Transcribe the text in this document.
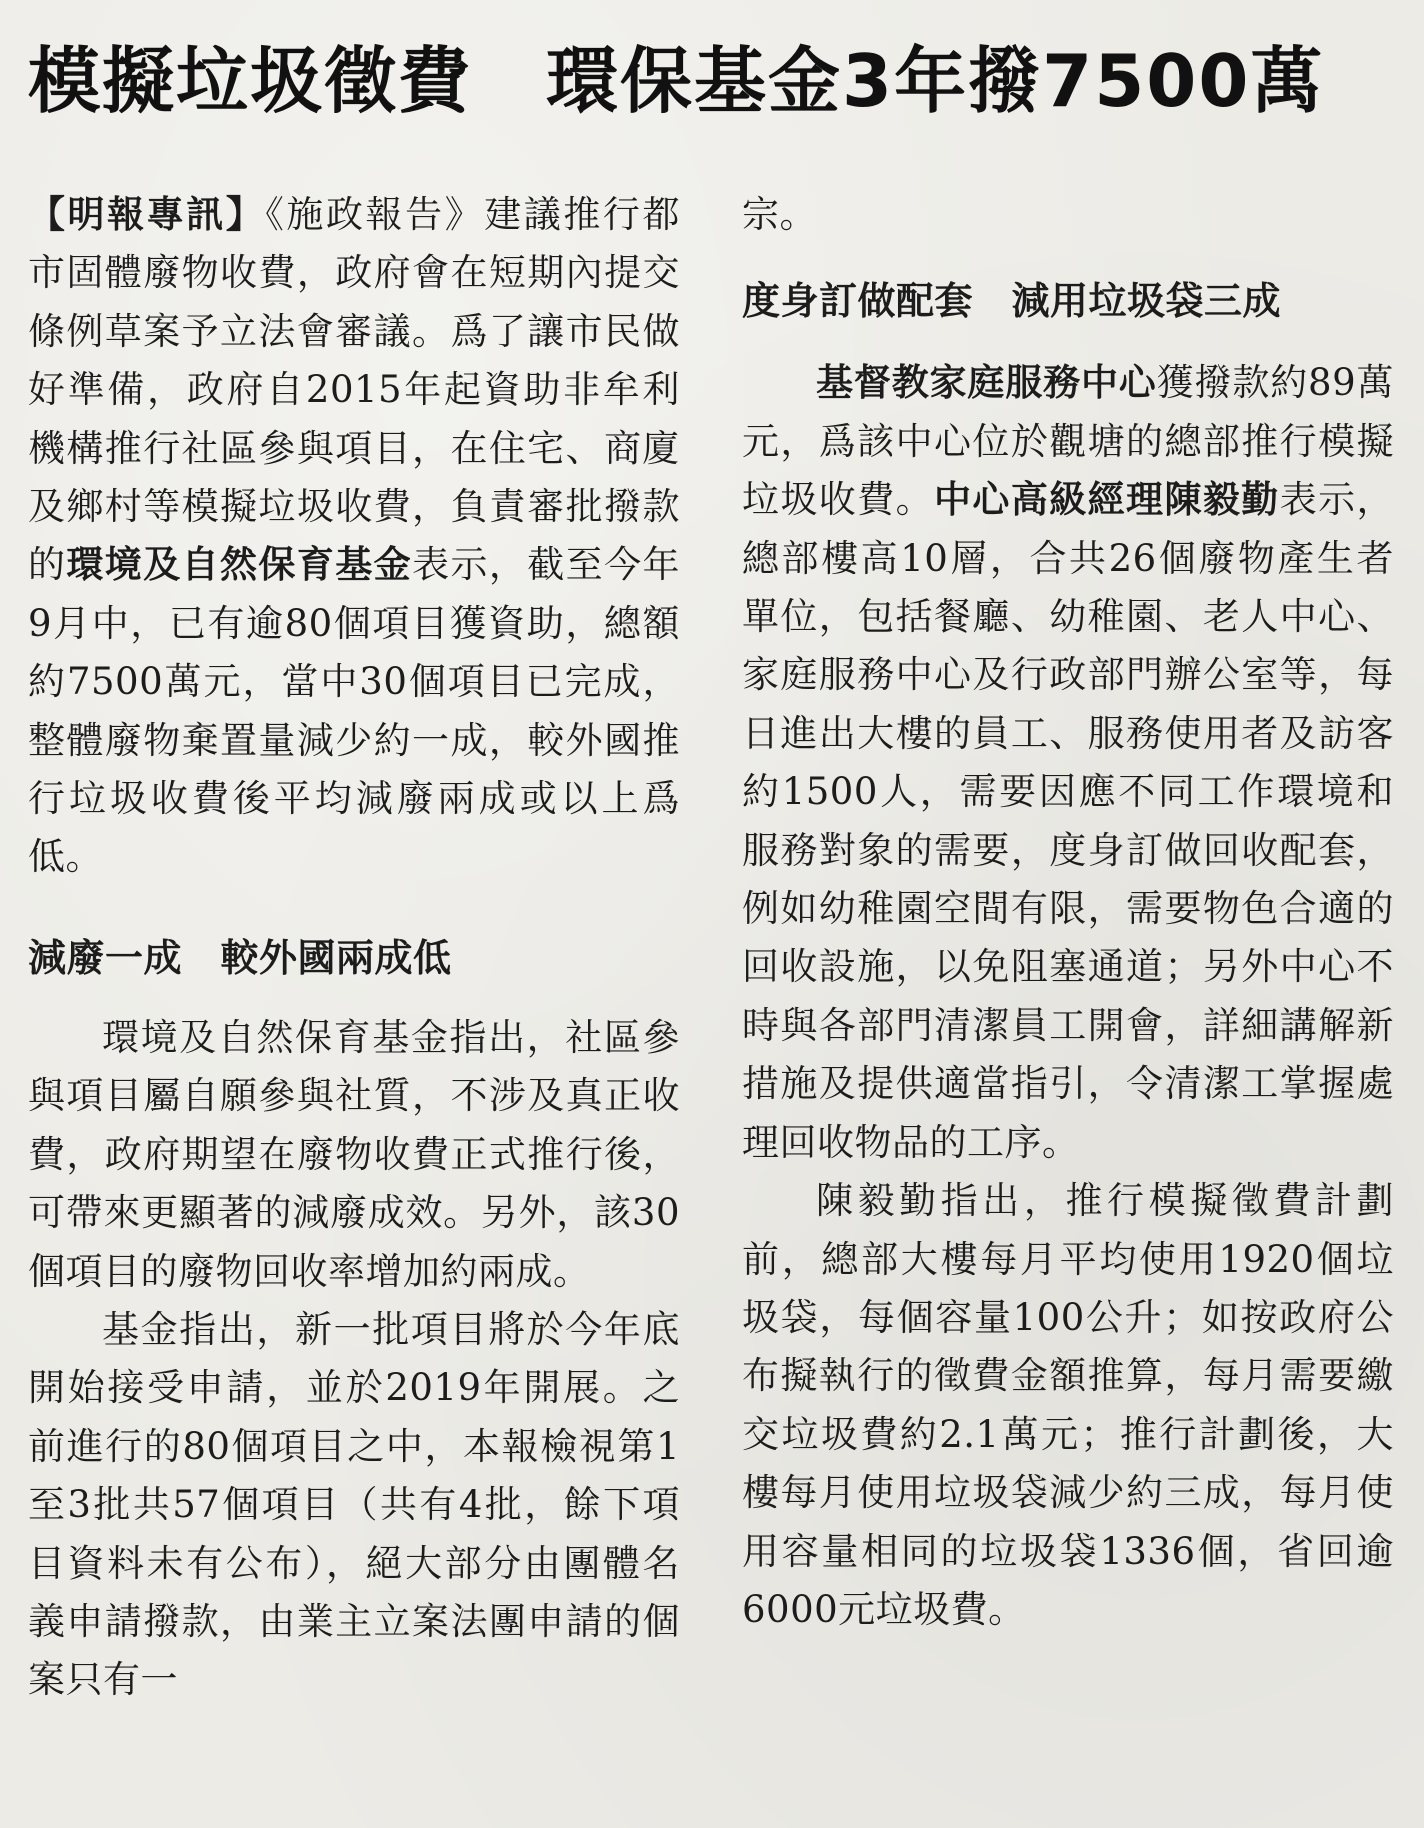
模擬垃圾徵費　環保基金3年撥7500萬

【明報專訊】《施政報告》建議推行都市固體廢物收費，政府會在短期內提交條例草案予立法會審議。爲了讓市民做好準備，政府自2015年起資助非牟利機構推行社區參與項目，在住宅、商廈及鄉村等模擬垃圾收費，負責審批撥款的環境及自然保育基金表示，截至今年9月中，已有逾80個項目獲資助，總額約7500萬元，當中30個項目已完成，整體廢物棄置量減少約一成，較外國推行垃圾收費後平均減廢兩成或以上爲低。

減廢一成　較外國兩成低

環境及自然保育基金指出，社區參與項目屬自願參與社質，不涉及真正收費，政府期望在廢物收費正式推行後，可帶來更顯著的減廢成效。另外，該30個項目的廢物回收率增加約兩成。

基金指出，新一批項目將於今年底開始接受申請，並於2019年開展。之前進行的80個項目之中，本報檢視第1至3批共57個項目（共有4批，餘下項目資料未有公布），絕大部分由團體名義申請撥款，由業主立案法團申請的個案只有一

宗。

度身訂做配套　減用垃圾袋三成

基督教家庭服務中心獲撥款約89萬元，爲該中心位於觀塘的總部推行模擬垃圾收費。中心高級經理陳毅勤表示，總部樓高10層，合共26個廢物產生者單位，包括餐廳、幼稚園、老人中心、家庭服務中心及行政部門辦公室等，每日進出大樓的員工、服務使用者及訪客約1500人，需要因應不同工作環境和服務對象的需要，度身訂做回收配套，例如幼稚園空間有限，需要物色合適的回收設施，以免阻塞通道；另外中心不時與各部門清潔員工開會，詳細講解新措施及提供適當指引，令清潔工掌握處理回收物品的工序。

陳毅勤指出，推行模擬徵費計劃前，總部大樓每月平均使用1920個垃圾袋，每個容量100公升；如按政府公布擬執行的徵費金額推算，每月需要繳交垃圾費約2.1萬元；推行計劃後，大樓每月使用垃圾袋減少約三成，每月使用容量相同的垃圾袋1336個，省回逾6000元垃圾費。
